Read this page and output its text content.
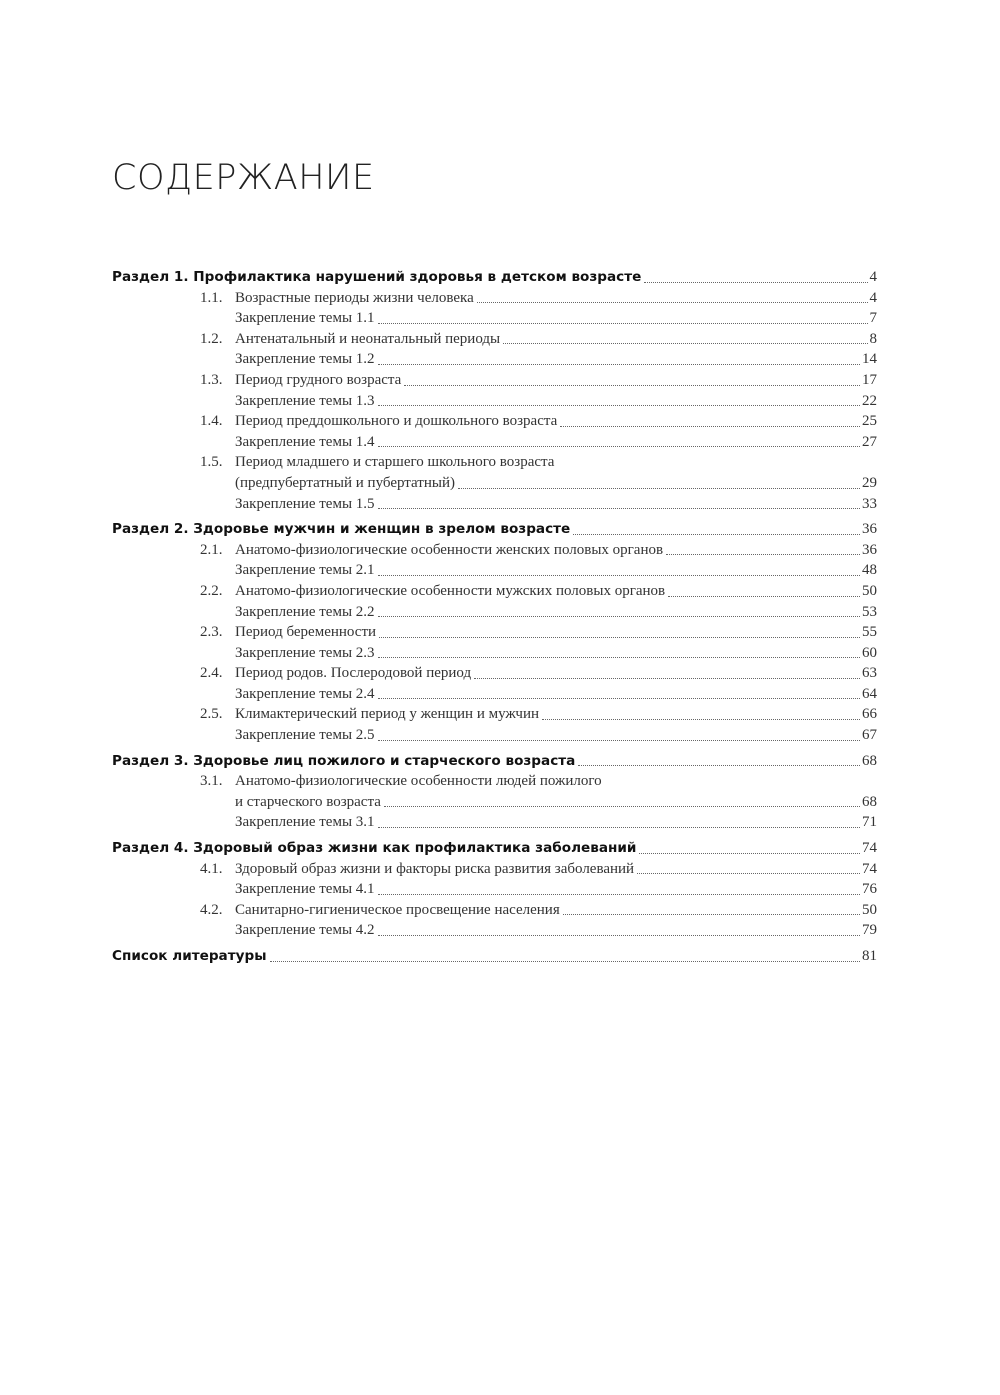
СОДЕРЖАНИЕ
Раздел 1. Профилактика нарушений здоровья в детском возрасте	4
1.1. Возрастные периоды жизни человека	4
Закрепление темы 1.1	7
1.2. Антенатальный и неонатальный периоды	8
Закрепление темы 1.2	14
1.3. Период грудного возраста	17
Закрепление темы 1.3	22
1.4. Период преддошкольного и дошкольного возраста	25
Закрепление темы 1.4	27
1.5. Период младшего и старшего школьного возраста
(предпубертатный и пубертатный)	29
Закрепление темы 1.5	33
Раздел 2. Здоровье мужчин и женщин в зрелом возрасте	36
2.1. Анатомо-физиологические особенности женских половых органов	36
Закрепление темы 2.1	48
2.2. Анатомо-физиологические особенности мужских половых органов	50
Закрепление темы 2.2	53
2.3. Период беременности	55
Закрепление темы 2.3	60
2.4. Период родов. Послеродовой период	63
Закрепление темы 2.4	64
2.5. Климактерический период у женщин и мужчин	66
Закрепление темы 2.5	67
Раздел 3. Здоровье лиц пожилого и старческого возраста	68
3.1. Анатомо-физиологические особенности людей пожилого
и старческого возраста	68
Закрепление темы 3.1	71
Раздел 4. Здоровый образ жизни как профилактика заболеваний	74
4.1. Здоровый образ жизни и факторы риска развития заболеваний	74
Закрепление темы 4.1	76
4.2. Санитарно-гигиеническое просвещение населения	50
Закрепление темы 4.2	79
Список литературы	81
